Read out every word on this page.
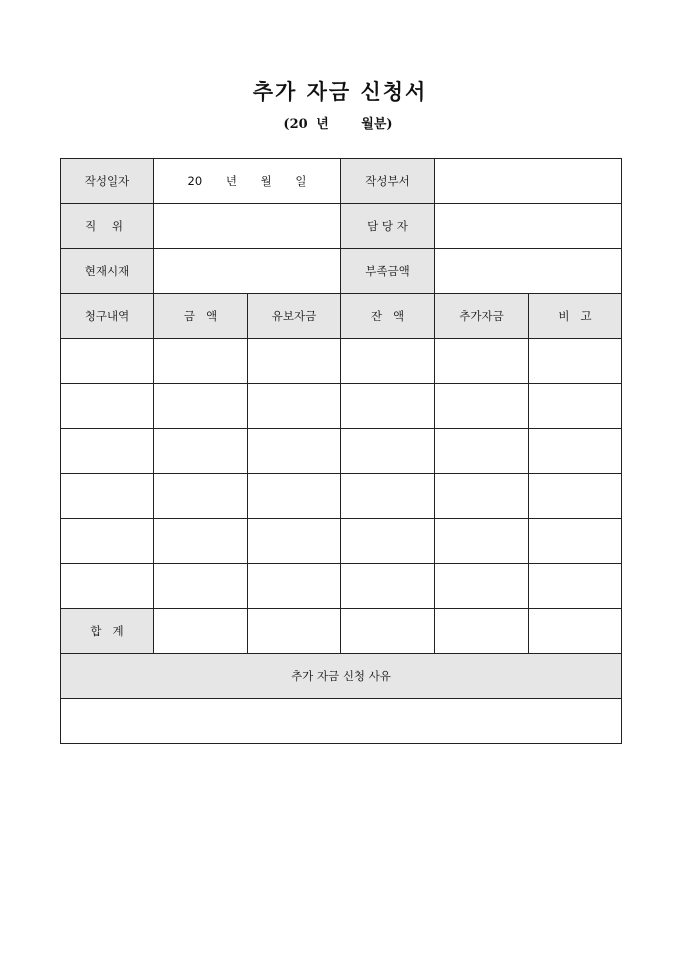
추가 자금 신청서
(20 년	월분)
작성일자	20 년 월 일		작성부서		
직 위			담 당 자		
현재시재			부족금액		
청구내역	금   액	유보자금	잔   액	추가자금	비   고

합   계					
추가 자금 신청 사유					
